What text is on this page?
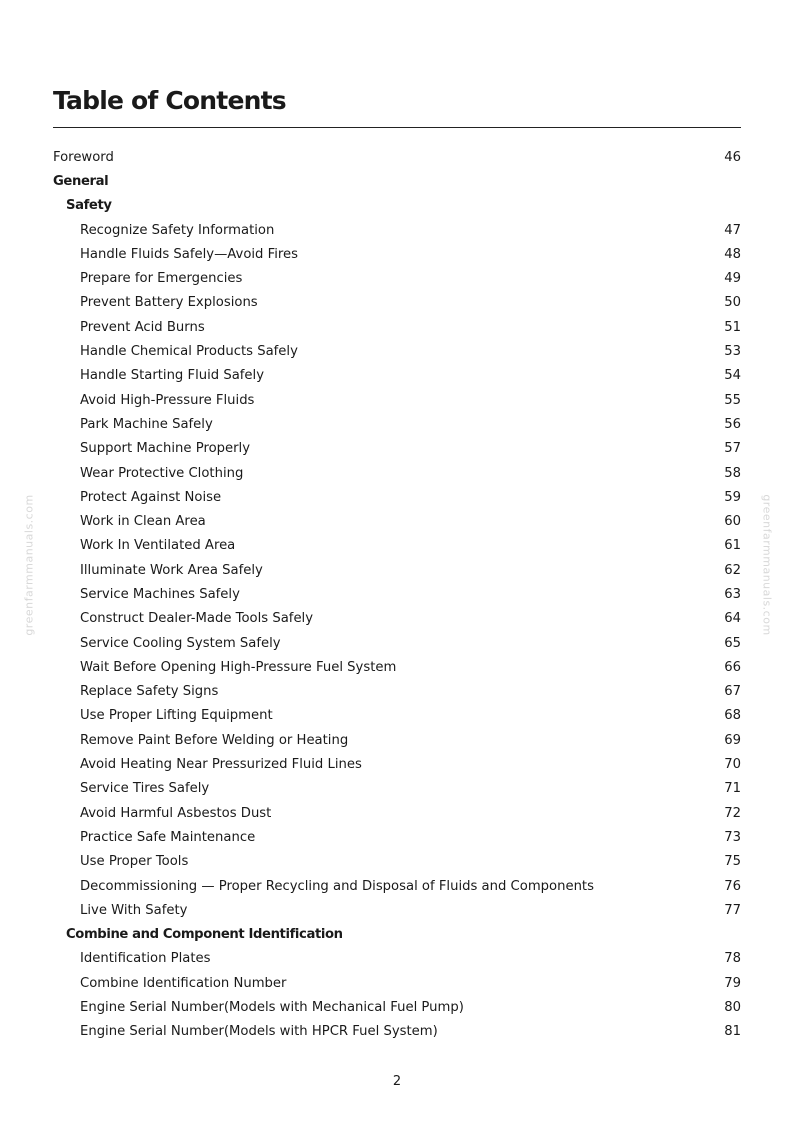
Table of Contents
Foreword	46
General
Safety
Recognize Safety Information	47
Handle Fluids Safely—Avoid Fires	48
Prepare for Emergencies	49
Prevent Battery Explosions	50
Prevent Acid Burns	51
Handle Chemical Products Safely	53
Handle Starting Fluid Safely	54
Avoid High-Pressure Fluids	55
Park Machine Safely	56
Support Machine Properly	57
Wear Protective Clothing	58
Protect Against Noise	59
Work in Clean Area	60
Work In Ventilated Area	61
Illuminate Work Area Safely	62
Service Machines Safely	63
Construct Dealer-Made Tools Safely	64
Service Cooling System Safely	65
Wait Before Opening High-Pressure Fuel System	66
Replace Safety Signs	67
Use Proper Lifting Equipment	68
Remove Paint Before Welding or Heating	69
Avoid Heating Near Pressurized Fluid Lines	70
Service Tires Safely	71
Avoid Harmful Asbestos Dust	72
Practice Safe Maintenance	73
Use Proper Tools	75
Decommissioning — Proper Recycling and Disposal of Fluids and Components	76
Live With Safety	77
Combine and Component Identification
Identification Plates	78
Combine Identification Number	79
Engine Serial Number(Models with Mechanical Fuel Pump)	80
Engine Serial Number(Models with HPCR Fuel System)	81
2
greenfarmmanuals.com	greenfarmmanuals.com
